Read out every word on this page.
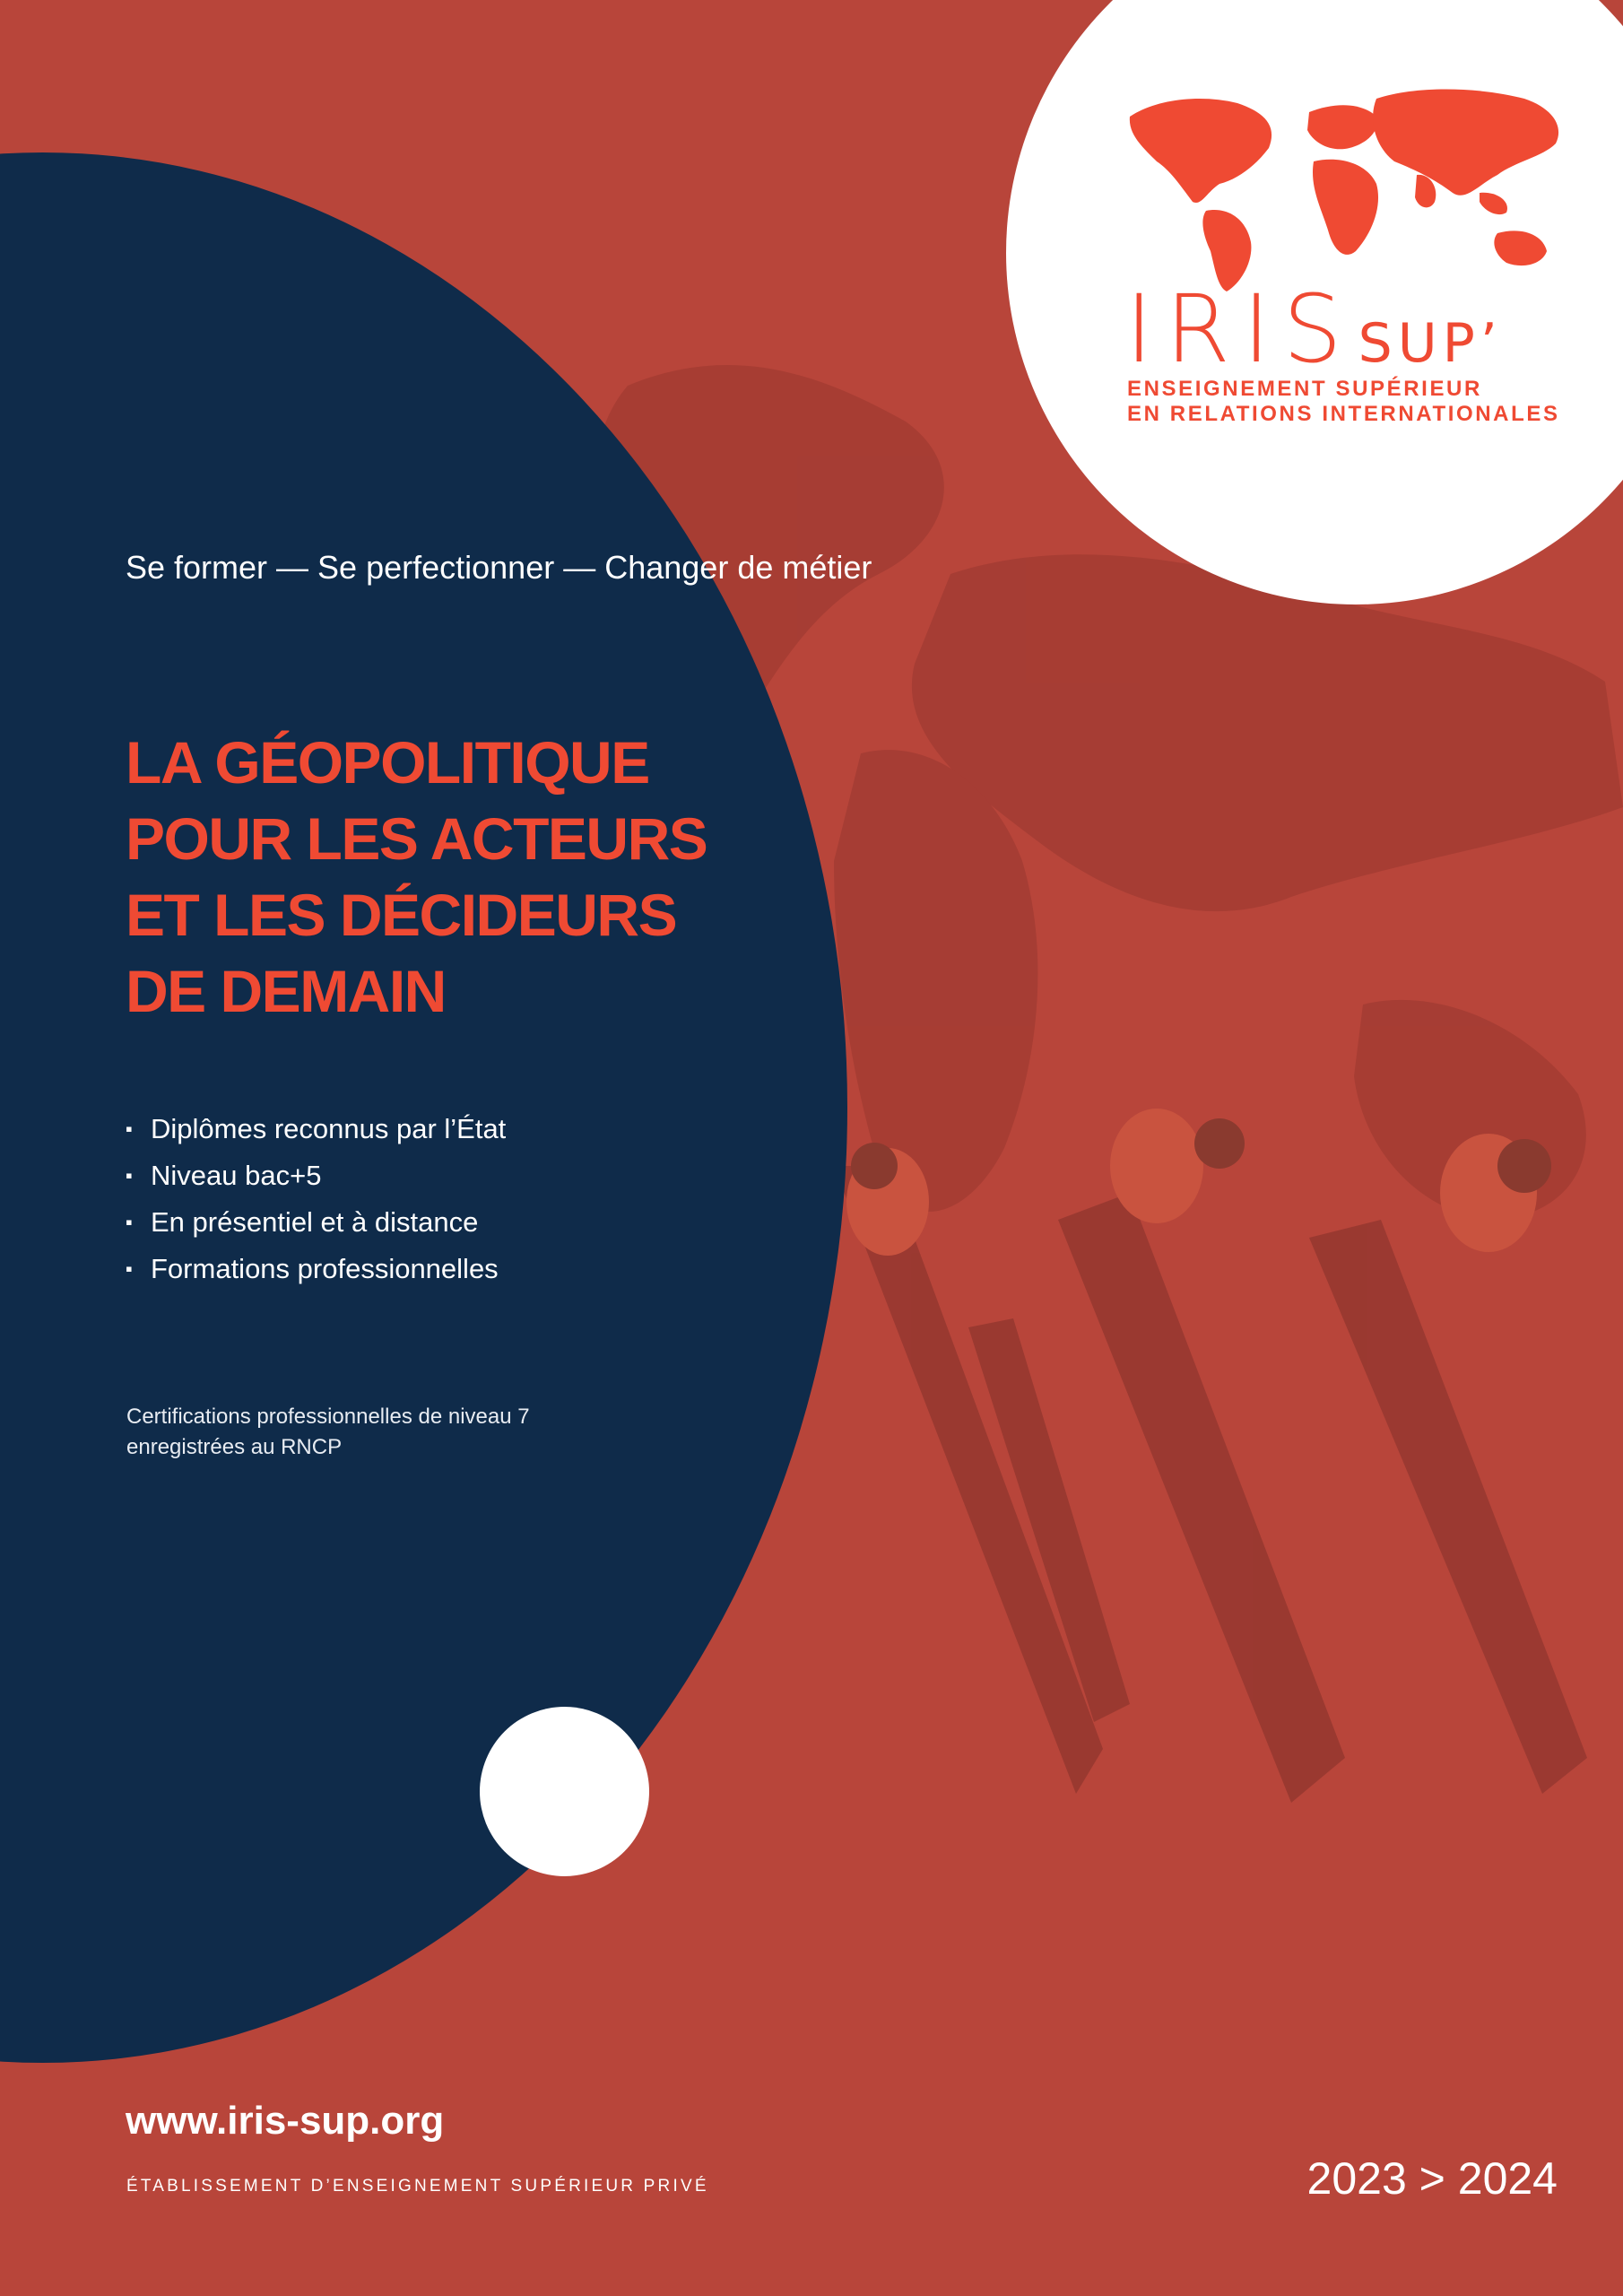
IRISSUP’
ENSEIGNEMENT SUPÉRIEUR
EN RELATIONS INTERNATIONALES
Se former — Se perfectionner — Changer de métier
LA GÉOPOLITIQUE
POUR LES ACTEURS
ET LES DÉCIDEURS
DE DEMAIN
▪ Diplômes reconnus par l’État
▪ Niveau bac+5
▪ En présentiel et à distance
▪ Formations professionnelles
Certifications professionnelles de niveau 7
enregistrées au RNCP
www.iris-sup.org
ÉTABLISSEMENT D’ENSEIGNEMENT SUPÉRIEUR PRIVÉ	2023 > 2024
